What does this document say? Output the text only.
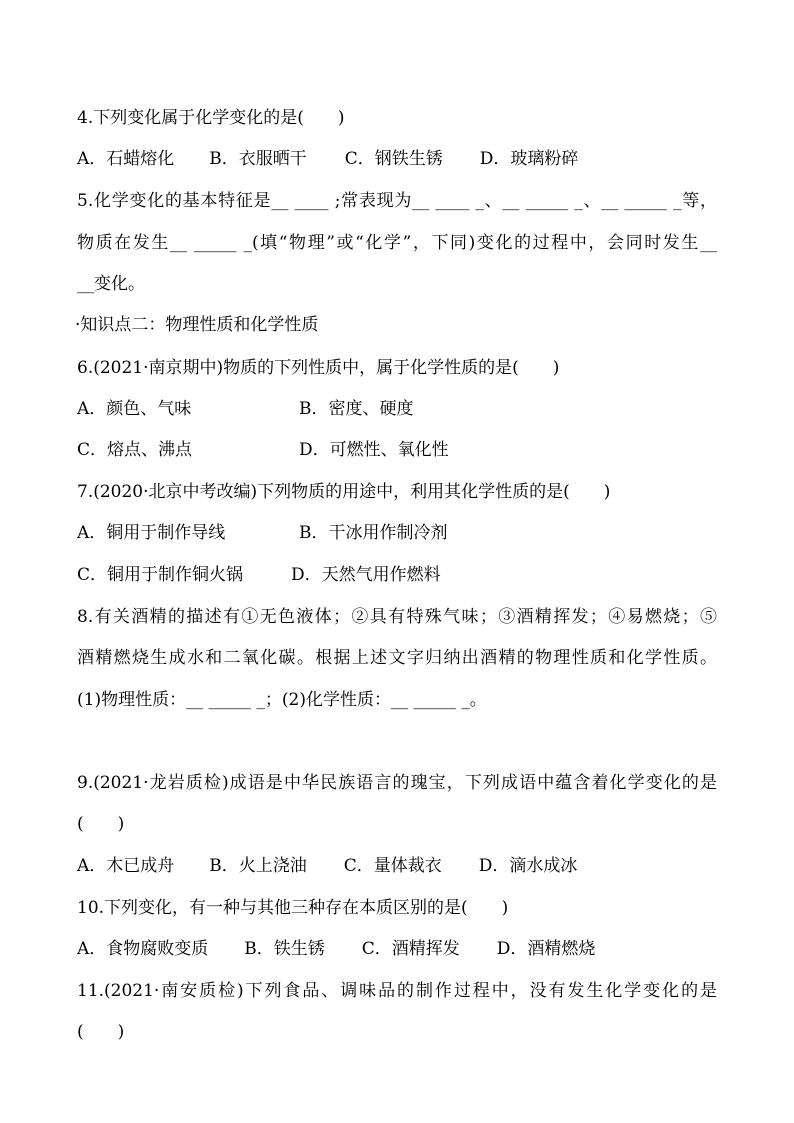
4.下列变化属于化学变化的是(　　)
A．石蜡熔化 B．衣服晒干 C．钢铁生锈 D．玻璃粉碎
5.化学变化的基本特征是__ ____ ;常表现为__ ____ _、__ _____ _、__ _____ _等，
物质在发生__ _____ _(填“物理”或“化学”，下同)变化的过程中，会同时发生__
__变化。
·知识点二：物理性质和化学性质
6.(2021·南京期中)物质的下列性质中，属于化学性质的是(　　)
A．颜色、气味	B．密度、硬度
C．熔点、沸点	D．可燃性、氧化性
7.(2020·北京中考改编)下列物质的用途中，利用其化学性质的是(　　)
A．铜用于制作导线	B．干冰用作制冷剂
C．铜用于制作铜火锅	D．天然气用作燃料
8.有关酒精的描述有①无色液体；②具有特殊气味；③酒精挥发；④易燃烧；⑤
酒精燃烧生成水和二氧化碳。根据上述文字归纳出酒精的物理性质和化学性质。
(1)物理性质：__ _____ _；(2)化学性质：__ _____ _。
9.(2021·龙岩质检)成语是中华民族语言的瑰宝，下列成语中蕴含着化学变化的是
(　　)
A．木已成舟 B．火上浇油 C．量体裁衣 D．滴水成冰
10.下列变化，有一种与其他三种存在本质区别的是(　　)
A．食物腐败变质 B．铁生锈 C．酒精挥发 D．酒精燃烧
11.(2021·南安质检)下列食品、调味品的制作过程中，没有发生化学变化的是
(　　)
